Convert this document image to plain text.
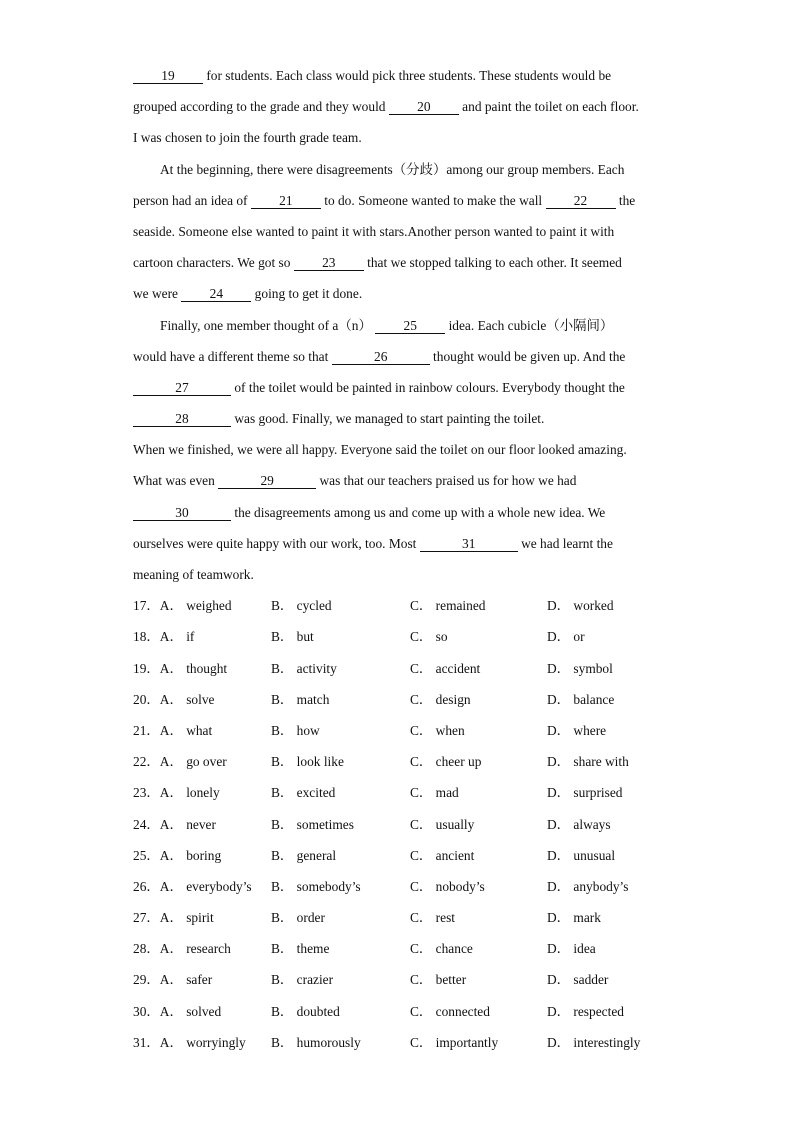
19 for students. Each class would pick three students. These students would be
grouped according to the grade and they would 20 and paint the toilet on each floor.
I was chosen to join the fourth grade team.
At the beginning, there were disagreements（分歧）among our group members. Each
person had an idea of 21 to do. Someone wanted to make the wall 22 the
seaside. Someone else wanted to paint it with stars.Another person wanted to paint it with
cartoon characters. We got so 23 that we stopped talking to each other. It seemed
we were 24 going to get it done.
Finally, one member thought of a（n） 25 idea. Each cubicle（小隔间）
would have a different theme so that	26	thought would be given up. And the
27	of the toilet would be painted in rainbow colours. Everybody thought the
28	was good. Finally, we managed to start painting the toilet.
When we finished, we were all happy. Everyone said the toilet on our floor looked amazing.
What was even	29	was that our teachers praised us for how we had
30	the disagreements among us and come up with a whole new idea. We
ourselves were quite happy with our work, too. Most	31	we had learnt the
meaning of teamwork.
17．A． weighed	B． cycled	C． remained	D． worked
18．A． if	B． but	C． so	D． or
19．A． thought	B． activity	C． accident	D． symbol
20．A． solve	B． match	C． design	D． balance
21．A． what	B． how	C． when	D． where
22．A． go over	B． look like	C． cheer up	D． share with
23．A． lonely	B． excited	C． mad	D． surprised
24．A． never	B． sometimes	C． usually	D． always
25．A． boring	B． general	C． ancient	D． unusual
26．A． everybody’s B． somebody’s	C． nobody’s	D． anybody’s
27．A． spirit	B． order	C． rest	D． mark
28．A． research	B． theme	C． chance	D． idea
29．A． safer	B． crazier	C． better	D． sadder
30．A． solved	B． doubted	C． connected	D． respected
31．A． worryingly B． humorously	C． importantly	D． interestingly
